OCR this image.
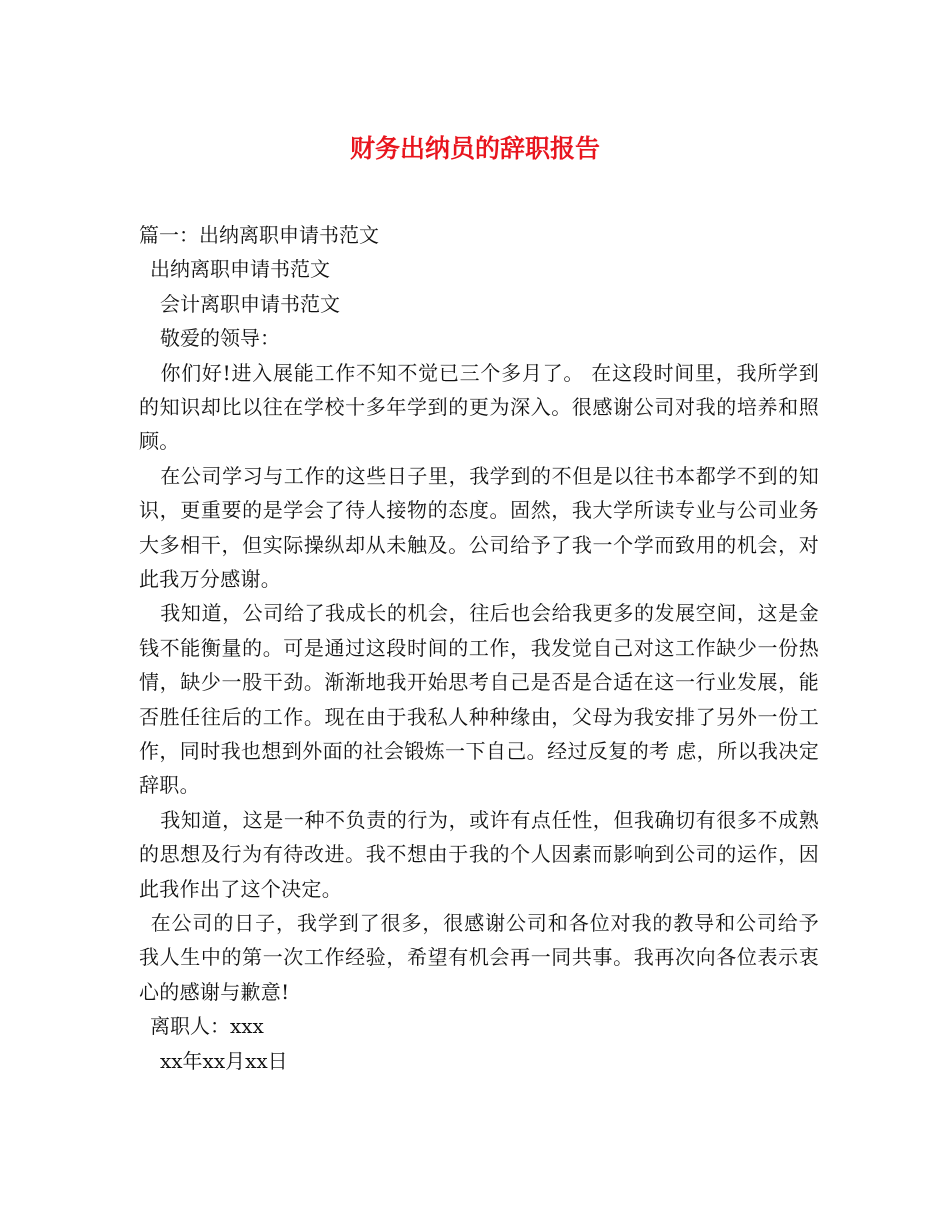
财务出纳员的辞职报告
篇一：出纳离职申请书范文
出纳离职申请书范文
会计离职申请书范文
敬爱的领导：
你们好!进入展能工作不知不觉已三个多月了。 在这段时间里，我所学到的知识却比以往在学校十多年学到的更为深入。很感谢公司对我的培养和照顾。
在公司学习与工作的这些日子里，我学到的不但是以往书本都学不到的知识，更重要的是学会了待人接物的态度。固然，我大学所读专业与公司业务大多相干，但实际操纵却从未触及。公司给予了我一个学而致用的机会，对此我万分感谢。
我知道，公司给了我成长的机会，往后也会给我更多的发展空间，这是金钱不能衡量的。可是通过这段时间的工作，我发觉自己对这工作缺少一份热情，缺少一股干劲。渐渐地我开始思考自己是否是合适在这一行业发展，能否胜任往后的工作。现在由于我私人种种缘由，父母为我安排了另外一份工作，同时我也想到外面的社会锻炼一下自己。经过反复的考 虑，所以我决定辞职。
我知道，这是一种不负责的行为，或许有点任性，但我确切有很多不成熟的思想及行为有待改进。我不想由于我的个人因素而影响到公司的运作，因此我作出了这个决定。
在公司的日子，我学到了很多，很感谢公司和各位对我的教导和公司给予我人生中的第一次工作经验，希望有机会再一同共事。我再次向各位表示衷心的感谢与歉意!
离职人：xxx
xx年xx月xx日
